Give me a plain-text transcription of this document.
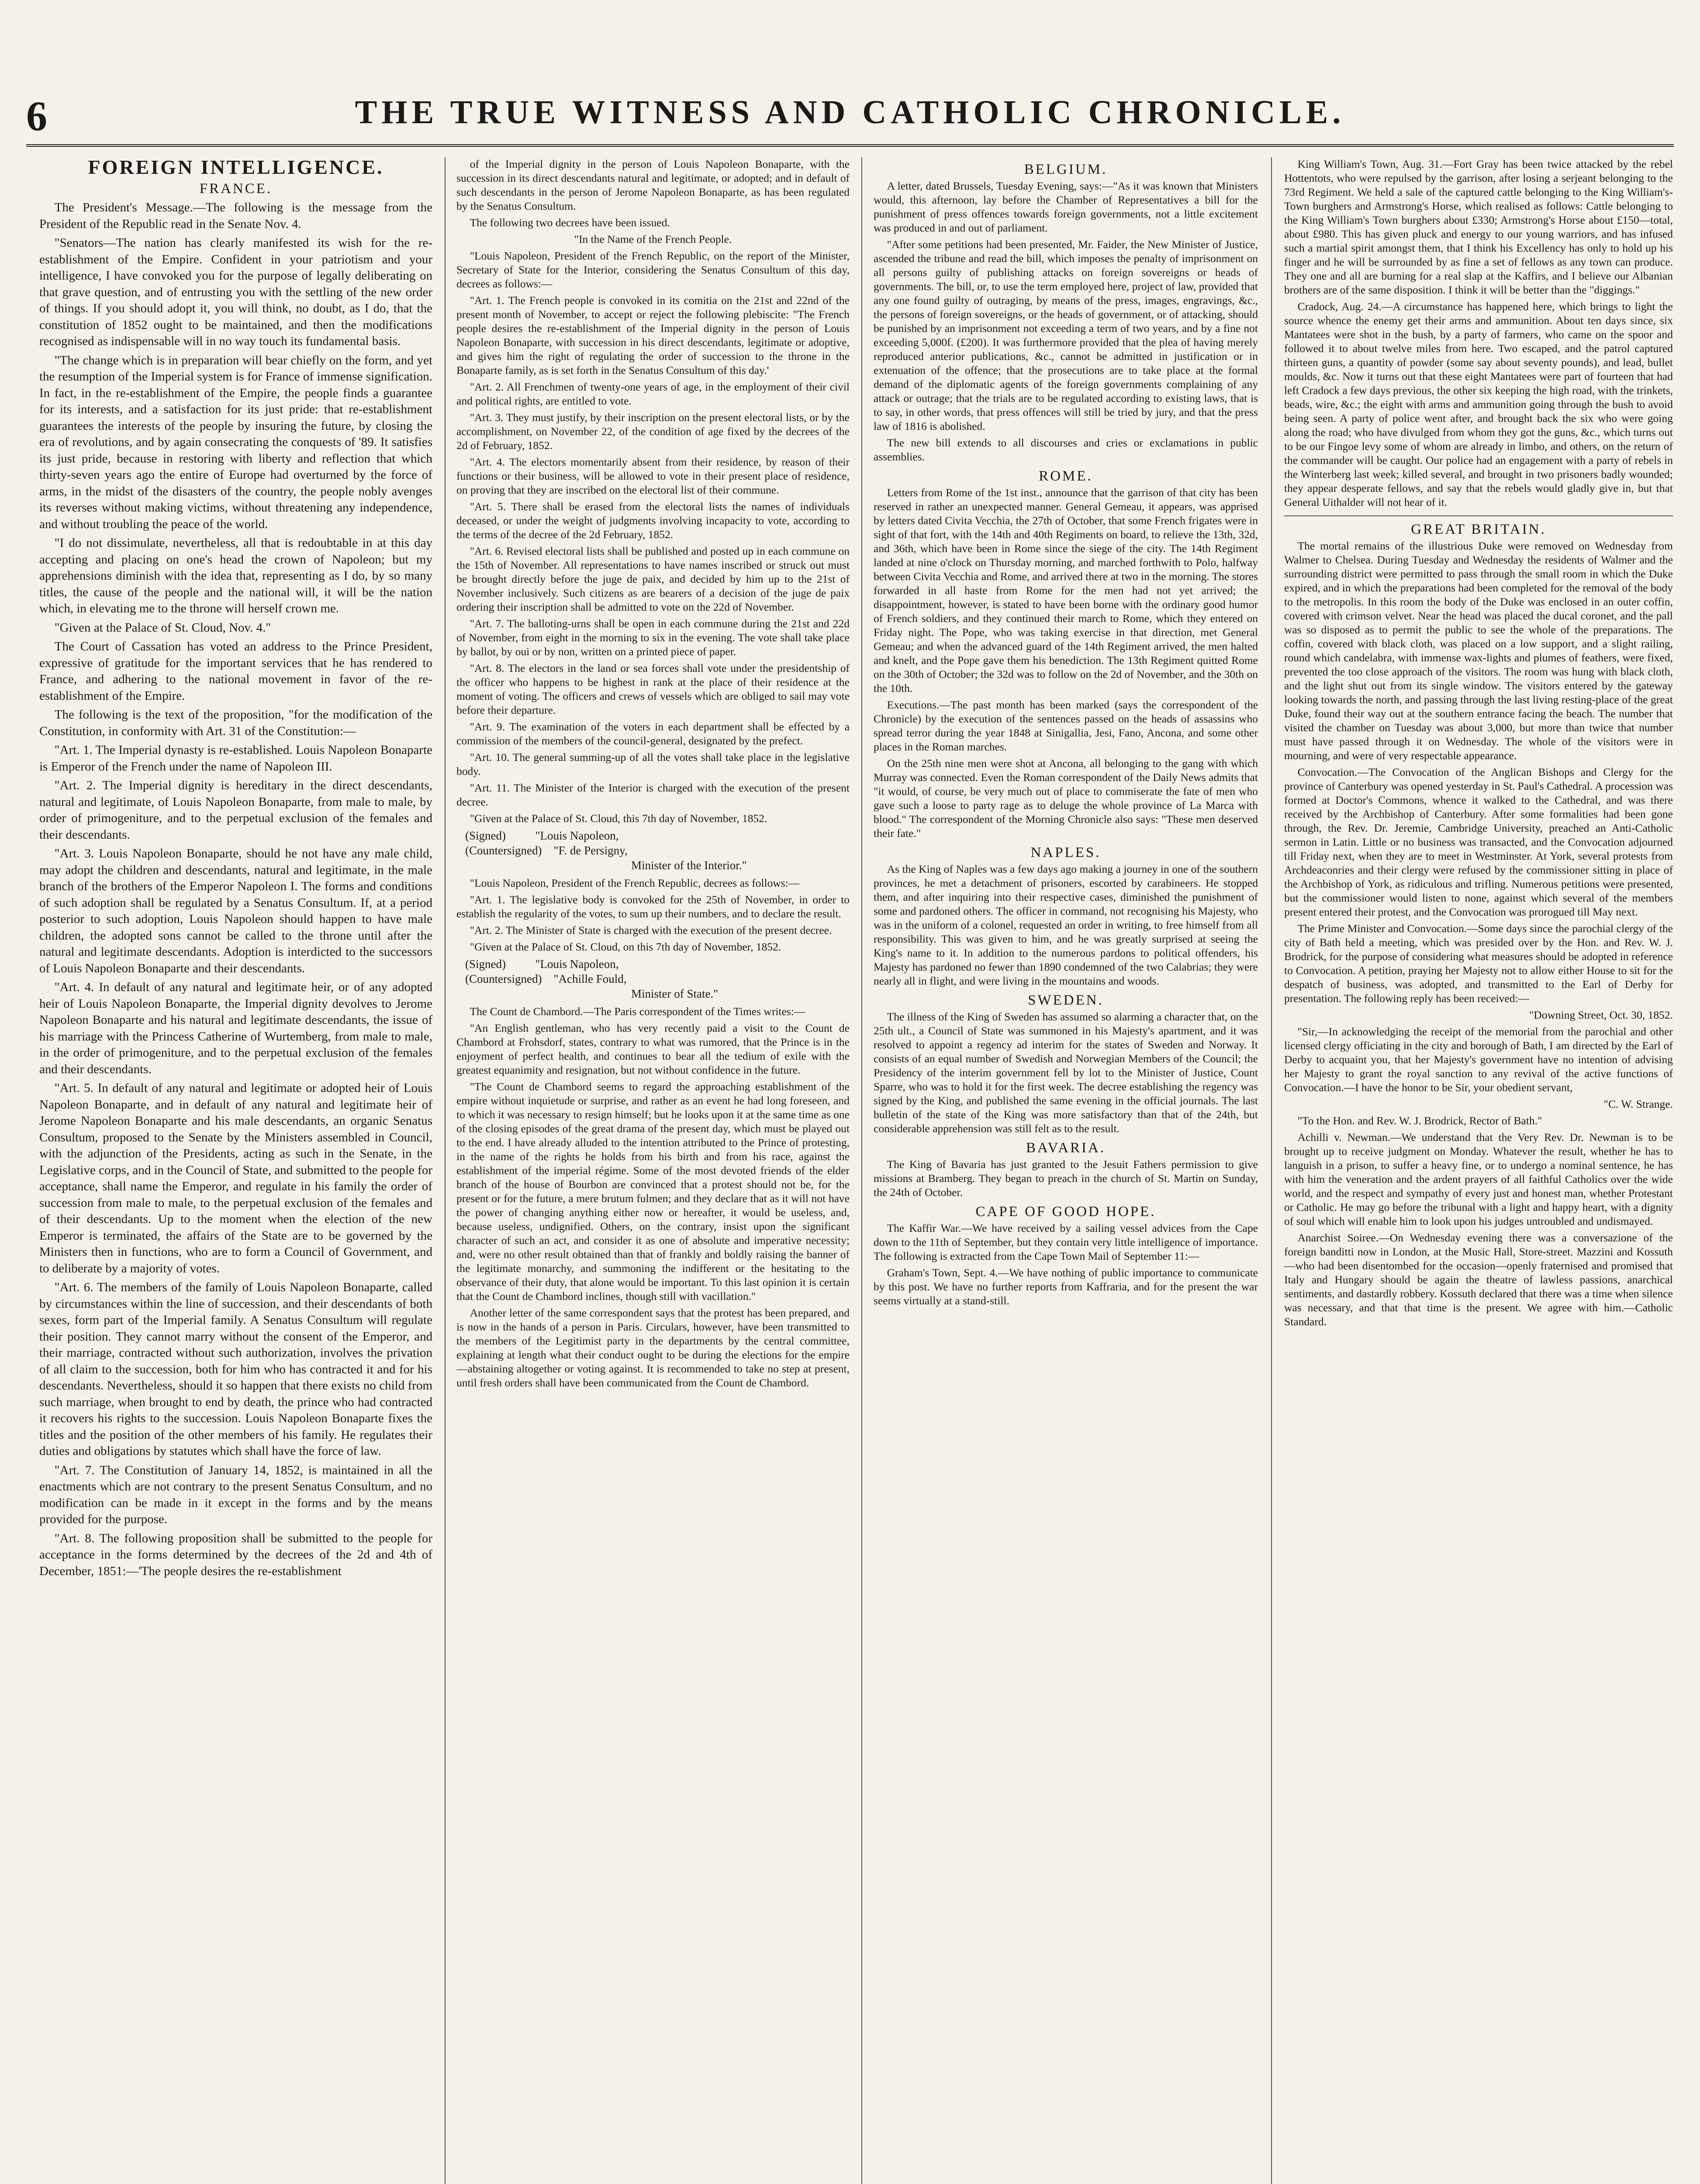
6	THE TRUE WITNESS AND CATHOLIC CHRONICLE.
FOREIGN INTELLIGENCE.
FRANCE.

The President's Message.—The following is the message from the President of the Republic read in the Senate Nov. 4.

"Senators—The nation has clearly manifested its wish for the re-establishment of the Empire. Confident in your patriotism and your intelligence, I have convoked you for the purpose of legally deliberating on that grave question, and of entrusting you with the settling of the new order of things. If you should adopt it, you will think, no doubt, as I do, that the constitution of 1852 ought to be maintained, and then the modifications recognised as indispensable will in no way touch its fundamental basis.

"The change which is in preparation will bear chiefly on the form, and yet the resumption of the Imperial system is for France of immense signification. In fact, in the re-establishment of the Empire, the people finds a guarantee for its interests, and a satisfaction for its just pride: that re-establishment guarantees the interests of the people by insuring the future, by closing the era of revolutions, and by again consecrating the conquests of '89. It satisfies its just pride, because in restoring with liberty and reflection that which thirty-seven years ago the entire of Europe had overturned by the force of arms, in the midst of the disasters of the country, the people nobly avenges its reverses without making victims, without threatening any independence, and without troubling the peace of the world.

"I do not dissimulate, nevertheless, all that is redoubtable in at this day accepting and placing on one's head the crown of Napoleon; but my apprehensions diminish with the idea that, representing as I do, by so many titles, the cause of the people and the national will, it will be the nation which, in elevating me to the throne will herself crown me.

"Given at the Palace of St. Cloud, Nov. 4."

The Court of Cassation has voted an address to the Prince President, expressive of gratitude for the important services that he has rendered to France, and adhering to the national movement in favor of the re-establishment of the Empire.

The following is the text of the proposition, "for the modification of the Constitution, in conformity with Art. 31 of the Constitution:—

"Art. 1. The Imperial dynasty is re-established. Louis Napoleon Bonaparte is Emperor of the French under the name of Napoleon III.

"Art. 2. The Imperial dignity is hereditary in the direct descendants, natural and legitimate, of Louis Napoleon Bonaparte, from male to male, by order of primogeniture, and to the perpetual exclusion of the females and their descendants.

"Art. 3. Louis Napoleon Bonaparte, should he not have any male child, may adopt the children and descendants, natural and legitimate, in the male branch of the brothers of the Emperor Napoleon I. The forms and conditions of such adoption shall be regulated by a Senatus Consultum. If, at a period posterior to such adoption, Louis Napoleon should happen to have male children, the adopted sons cannot be called to the throne until after the natural and legitimate descendants. Adoption is interdicted to the successors of Louis Napoleon Bonaparte and their descendants.

"Art. 4. In default of any natural and legitimate heir, or of any adopted heir of Louis Napoleon Bonaparte, the Imperial dignity devolves to Jerome Napoleon Bonaparte and his natural and legitimate descendants, the issue of his marriage with the Princess Catherine of Wurtemberg, from male to male, in the order of primogeniture, and to the perpetual exclusion of the females and their descendants.

"Art. 5. In default of any natural and legitimate or adopted heir of Louis Napoleon Bonaparte, and in default of any natural and legitimate heir of Jerome Napoleon Bonaparte and his male descendants, an organic Senatus Consultum, proposed to the Senate by the Ministers assembled in Council, with the adjunction of the Presidents, acting as such in the Senate, in the Legislative corps, and in the Council of State, and submitted to the people for acceptance, shall name the Emperor, and regulate in his family the order of succession from male to male, to the perpetual exclusion of the females and of their descendants. Up to the moment when the election of the new Emperor is terminated, the affairs of the State are to be governed by the Ministers then in functions, who are to form a Council of Government, and to deliberate by a majority of votes.

"Art. 6. The members of the family of Louis Napoleon Bonaparte, called by circumstances within the line of succession, and their descendants of both sexes, form part of the Imperial family. A Senatus Consultum will regulate their position. They cannot marry without the consent of the Emperor, and their marriage, contracted without such authorization, involves the privation of all claim to the succession, both for him who has contracted it and for his descendants. Nevertheless, should it so happen that there exists no child from such marriage, when brought to end by death, the prince who had contracted it recovers his rights to the succession. Louis Napoleon Bonaparte fixes the titles and the position of the other members of his family. He regulates their duties and obligations by statutes which shall have the force of law.

"Art. 7. The Constitution of January 14, 1852, is maintained in all the enactments which are not contrary to the present Senatus Consultum, and no modification can be made in it except in the forms and by the means provided for the purpose.

"Art. 8. The following proposition shall be submitted to the people for acceptance in the forms determined by the decrees of the 2d and 4th of December, 1851:—'The people desires the re-establishment

of the Imperial dignity in the person of Louis Napoleon Bonaparte, with the succession in its direct descendants natural and legitimate, or adopted; and in default of such descendants in the person of Jerome Napoleon Bonaparte, as has been regulated by the Senatus Consultum.

The following two decrees have been issued.

"In the Name of the French People.

"Louis Napoleon, President of the French Republic, on the report of the Minister, Secretary of State for the Interior, considering the Senatus Consultum of this day, decrees as follows:—

"Art. 1. The French people is convoked in its comitia on the 21st and 22nd of the present month of November, to accept or reject the following plebiscite: "The French people desires the re-establishment of the Imperial dignity in the person of Louis Napoleon Bonaparte, with succession in his direct descendants, legitimate or adoptive, and gives him the right of regulating the order of succession to the throne in the Bonaparte family, as is set forth in the Senatus Consultum of this day.'

"Art. 2. All Frenchmen of twenty-one years of age, in the employment of their civil and political rights, are entitled to vote.

"Art. 3. They must justify, by their inscription on the present electoral lists, or by the accomplishment, on November 22, of the condition of age fixed by the decrees of the 2d of February, 1852.

"Art. 4. The electors momentarily absent from their residence, by reason of their functions or their business, will be allowed to vote in their present place of residence, on proving that they are inscribed on the electoral list of their commune.

"Art. 5. There shall be erased from the electoral lists the names of individuals deceased, or under the weight of judgments involving incapacity to vote, according to the terms of the decree of the 2d February, 1852.

"Art. 6. Revised electoral lists shall be published and posted up in each commune on the 15th of November. All representations to have names inscribed or struck out must be brought directly before the juge de paix, and decided by him up to the 21st of November inclusively. Such citizens as are bearers of a decision of the juge de paix ordering their inscription shall be admitted to vote on the 22d of November.

"Art. 7. The balloting-urns shall be open in each commune during the 21st and 22d of November, from eight in the morning to six in the evening. The vote shall take place by ballot, by oui or by non, written on a printed piece of paper.

"Art. 8. The electors in the land or sea forces shall vote under the presidentship of the officer who happens to be highest in rank at the place of their residence at the moment of voting. The officers and crews of vessels which are obliged to sail may vote before their departure.

"Art. 9. The examination of the voters in each department shall be effected by a commission of the members of the council-general, designated by the prefect.

"Art. 10. The general summing-up of all the votes shall take place in the legislative body.

"Art. 11. The Minister of the Interior is charged with the execution of the present decree.

"Given at the Palace of St. Cloud, this 7th day of November, 1852.

(Signed)	"Louis Napoleon,
(Countersigned) "F. de Persigny,
Minister of the Interior."

"Louis Napoleon, President of the French Republic, decrees as follows:—

"Art. 1. The legislative body is convoked for the 25th of November, in order to establish the regularity of the votes, to sum up their numbers, and to declare the result.

"Art. 2. The Minister of State is charged with the execution of the present decree.

"Given at the Palace of St. Cloud, on this 7th day of November, 1852.

(Signed)	"Louis Napoleon,
(Countersigned) "Achille Fould,
Minister of State."

The Count de Chambord.—The Paris correspondent of the Times writes:—

"An English gentleman, who has very recently paid a visit to the Count de Chambord at Frohsdorf, states, contrary to what was rumored, that the Prince is in the enjoyment of perfect health, and continues to bear all the tedium of exile with the greatest equanimity and resignation, but not without confidence in the future.

"The Count de Chambord seems to regard the approaching establishment of the empire without inquietude or surprise, and rather as an event he had long foreseen, and to which it was necessary to resign himself; but he looks upon it at the same time as one of the closing episodes of the great drama of the present day, which must be played out to the end. I have already alluded to the intention attributed to the Prince of protesting, in the name of the rights he holds from his birth and from his race, against the establishment of the imperial régime. Some of the most devoted friends of the elder branch of the house of Bourbon are convinced that a protest should not be, for the present or for the future, a mere brutum fulmen; and they declare that as it will not have the power of changing anything either now or hereafter, it would be useless, and, because useless, undignified. Others, on the contrary, insist upon the significant character of such an act, and consider it as one of absolute and imperative necessity; and, were no other result obtained than that of frankly and boldly raising the banner of the legitimate monarchy, and summoning the indifferent or the hesitating to the observance of their duty, that alone would be important. To this last opinion it is certain that the Count de Chambord inclines, though still with vacillation."

Another letter of the same correspondent says that the protest has been prepared, and is now in the hands of a person in Paris. Circulars, however, have been transmitted to the members of the Legitimist party in the departments by the central committee, explaining at length what their conduct ought to be during the elections for the empire—abstaining altogether or voting against. It is recommended to take no step at present, until fresh orders shall have been communicated from the Count de Chambord.

BELGIUM.

A letter, dated Brussels, Tuesday Evening, says:—"As it was known that Ministers would, this afternoon, lay before the Chamber of Representatives a bill for the punishment of press offences towards foreign governments, not a little excitement was produced in and out of parliament.

"After some petitions had been presented, Mr. Faider, the New Minister of Justice, ascended the tribune and read the bill, which imposes the penalty of imprisonment on all persons guilty of publishing attacks on foreign sovereigns or heads of governments. The bill, or, to use the term employed here, project of law, provided that any one found guilty of outraging, by means of the press, images, engravings, &c., the persons of foreign sovereigns, or the heads of government, or of attacking, should be punished by an imprisonment not exceeding a term of two years, and by a fine not exceeding 5,000f. (£200). It was furthermore provided that the plea of having merely reproduced anterior publications, &c., cannot be admitted in justification or in extenuation of the offence; that the prosecutions are to take place at the formal demand of the diplomatic agents of the foreign governments complaining of any attack or outrage; that the trials are to be regulated according to existing laws, that is to say, in other words, that press offences will still be tried by jury, and that the press law of 1816 is abolished.

The new bill extends to all discourses and cries or exclamations in public assemblies.

ROME.

Letters from Rome of the 1st inst., announce that the garrison of that city has been reserved in rather an unexpected manner. General Gemeau, it appears, was apprised by letters dated Civita Vecchia, the 27th of October, that some French frigates were in sight of that fort, with the 14th and 40th Regiments on board, to relieve the 13th, 32d, and 36th, which have been in Rome since the siege of the city. The 14th Regiment landed at nine o'clock on Thursday morning, and marched forthwith to Polo, halfway between Civita Vecchia and Rome, and arrived there at two in the morning. The stores forwarded in all haste from Rome for the men had not yet arrived; the disappointment, however, is stated to have been borne with the ordinary good humor of French soldiers, and they continued their march to Rome, which they entered on Friday night. The Pope, who was taking exercise in that direction, met General Gemeau; and when the advanced guard of the 14th Regiment arrived, the men halted and knelt, and the Pope gave them his benediction. The 13th Regiment quitted Rome on the 30th of October; the 32d was to follow on the 2d of November, and the 30th on the 10th.

Executions.—The past month has been marked (says the correspondent of the Chronicle) by the execution of the sentences passed on the heads of assassins who spread terror during the year 1848 at Sinigallia, Jesi, Fano, Ancona, and some other places in the Roman marches.

On the 25th nine men were shot at Ancona, all belonging to the gang with which Murray was connected. Even the Roman correspondent of the Daily News admits that "it would, of course, be very much out of place to commiserate the fate of men who gave such a loose to party rage as to deluge the whole province of La Marca with blood." The correspondent of the Morning Chronicle also says: "These men deserved their fate."

NAPLES.

As the King of Naples was a few days ago making a journey in one of the southern provinces, he met a detachment of prisoners, escorted by carabineers. He stopped them, and after inquiring into their respective cases, diminished the punishment of some and pardoned others. The officer in command, not recognising his Majesty, who was in the uniform of a colonel, requested an order in writing, to free himself from all responsibility. This was given to him, and he was greatly surprised at seeing the King's name to it. In addition to the numerous pardons to political offenders, his Majesty has pardoned no fewer than 1890 condemned of the two Calabrias; they were nearly all in flight, and were living in the mountains and woods.

SWEDEN.

The illness of the King of Sweden has assumed so alarming a character that, on the 25th ult., a Council of State was summoned in his Majesty's apartment, and it was resolved to appoint a regency ad interim for the states of Sweden and Norway. It consists of an equal number of Swedish and Norwegian Members of the Council; the Presidency of the interim government fell by lot to the Minister of Justice, Count Sparre, who was to hold it for the first week. The decree establishing the regency was signed by the King, and published the same evening in the official journals. The last bulletin of the state of the King was more satisfactory than that of the 24th, but considerable apprehension was still felt as to the result.

BAVARIA.

The King of Bavaria has just granted to the Jesuit Fathers permission to give missions at Bramberg. They began to preach in the church of St. Martin on Sunday, the 24th of October.

CAPE OF GOOD HOPE.

The Kaffir War.—We have received by a sailing vessel advices from the Cape down to the 11th of September, but they contain very little intelligence of importance. The following is extracted from the Cape Town Mail of September 11:—

Graham's Town, Sept. 4.—We have nothing of public importance to communicate by this post. We have no further reports from Kaffraria, and for the present the war seems virtually at a stand-still.

King William's Town, Aug. 31.—Fort Gray has been twice attacked by the rebel Hottentots, who were repulsed by the garrison, after losing a serjeant belonging to the 73rd Regiment. We held a sale of the captured cattle belonging to the King William's-Town burghers and Armstrong's Horse, which realised as follows: Cattle belonging to the King William's Town burghers about £330; Armstrong's Horse about £150—total, about £980. This has given pluck and energy to our young warriors, and has infused such a martial spirit amongst them, that I think his Excellency has only to hold up his finger and he will be surrounded by as fine a set of fellows as any town can produce. They one and all are burning for a real slap at the Kaffirs, and I believe our Albanian brothers are of the same disposition. I think it will be better than the "diggings."

Cradock, Aug. 24.—A circumstance has happened here, which brings to light the source whence the enemy get their arms and ammunition. About ten days since, six Mantatees were shot in the bush, by a party of farmers, who came on the spoor and followed it to about twelve miles from here. Two escaped, and the patrol captured thirteen guns, a quantity of powder (some say about seventy pounds), and lead, bullet moulds, &c. Now it turns out that these eight Mantatees were part of fourteen that had left Cradock a few days previous, the other six keeping the high road, with the trinkets, beads, wire, &c.; the eight with arms and ammunition going through the bush to avoid being seen. A party of police went after, and brought back the six who were going along the road; who have divulged from whom they got the guns, &c., which turns out to be our Fingoe levy some of whom are already in limbo, and others, on the return of the commander will be caught. Our police had an engagement with a party of rebels in the Winterberg last week; killed several, and brought in two prisoners badly wounded; they appear desperate fellows, and say that the rebels would gladly give in, but that General Uithalder will not hear of it.

GREAT BRITAIN.

The mortal remains of the illustrious Duke were removed on Wednesday from Walmer to Chelsea. During Tuesday and Wednesday the residents of Walmer and the surrounding district were permitted to pass through the small room in which the Duke expired, and in which the preparations had been completed for the removal of the body to the metropolis. In this room the body of the Duke was enclosed in an outer coffin, covered with crimson velvet. Near the head was placed the ducal coronet, and the pall was so disposed as to permit the public to see the whole of the preparations. The coffin, covered with black cloth, was placed on a low support, and a slight railing, round which candelabra, with immense wax-lights and plumes of feathers, were fixed, prevented the too close approach of the visitors. The room was hung with black cloth, and the light shut out from its single window. The visitors entered by the gateway looking towards the north, and passing through the last living resting-place of the great Duke, found their way out at the southern entrance facing the beach. The number that visited the chamber on Tuesday was about 3,000, but more than twice that number must have passed through it on Wednesday. The whole of the visitors were in mourning, and were of very respectable appearance.

Convocation.—The Convocation of the Anglican Bishops and Clergy for the province of Canterbury was opened yesterday in St. Paul's Cathedral. A procession was formed at Doctor's Commons, whence it walked to the Cathedral, and was there received by the Archbishop of Canterbury. After some formalities had been gone through, the Rev. Dr. Jeremie, Cambridge University, preached an Anti-Catholic sermon in Latin. Little or no business was transacted, and the Convocation adjourned till Friday next, when they are to meet in Westminster. At York, several protests from Archdeaconries and their clergy were refused by the commissioner sitting in place of the Archbishop of York, as ridiculous and trifling. Numerous petitions were presented, but the commissioner would listen to none, against which several of the members present entered their protest, and the Convocation was prorogued till May next.

The Prime Minister and Convocation.—Some days since the parochial clergy of the city of Bath held a meeting, which was presided over by the Hon. and Rev. W. J. Brodrick, for the purpose of considering what measures should be adopted in reference to Convocation. A petition, praying her Majesty not to allow either House to sit for the despatch of business, was adopted, and transmitted to the Earl of Derby for presentation. The following reply has been received:—

"Downing Street, Oct. 30, 1852.

"Sir,—In acknowledging the receipt of the memorial from the parochial and other licensed clergy officiating in the city and borough of Bath, I am directed by the Earl of Derby to acquaint you, that her Majesty's government have no intention of advising her Majesty to grant the royal sanction to any revival of the active functions of Convocation.—I have the honor to be Sir, your obedient servant,

"C. W. Strange.

"To the Hon. and Rev. W. J. Brodrick, Rector of Bath."

Achilli v. Newman.—We understand that the Very Rev. Dr. Newman is to be brought up to receive judgment on Monday. Whatever the result, whether he has to languish in a prison, to suffer a heavy fine, or to undergo a nominal sentence, he has with him the veneration and the ardent prayers of all faithful Catholics over the wide world, and the respect and sympathy of every just and honest man, whether Protestant or Catholic. He may go before the tribunal with a light and happy heart, with a dignity of soul which will enable him to look upon his judges untroubled and undismayed.

Anarchist Soiree.—On Wednesday evening there was a conversazione of the foreign banditti now in London, at the Music Hall, Store-street. Mazzini and Kossuth—who had been disentombed for the occasion—openly fraternised and promised that Italy and Hungary should be again the theatre of lawless passions, anarchical sentiments, and dastardly robbery. Kossuth declared that there was a time when silence was necessary, and that that time is the present. We agree with him.—Catholic Standard.
